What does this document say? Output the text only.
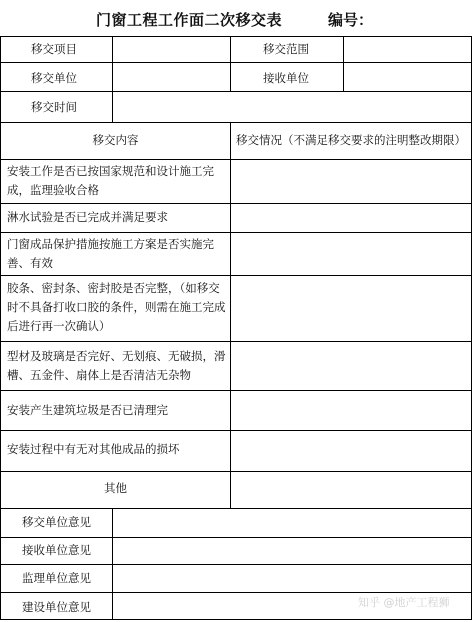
门窗工程工作面二次移交表	编号：
移交项目	移交范围
移交单位	接收单位
移交时间
移交内容	移交情况（不满足移交要求的注明整改期限）
安装工作是否已按国家规范和设计施工完成，监理验收合格
淋水试验是否已完成并满足要求
门窗成品保护措施按施工方案是否实施完善、有效
胶条、密封条、密封胶是否完整，（如移交时不具备打收口胶的条件，则需在施工完成后进行再一次确认）
型材及玻璃是否完好、无划痕、无破损，滑槽、五金件、扇体上是否清洁无杂物
安装产生建筑垃圾是否已清理完
安装过程中有无对其他成品的损坏
其他
移交单位意见
接收单位意见
监理单位意见
建设单位意见	知乎 @地产工程狮
